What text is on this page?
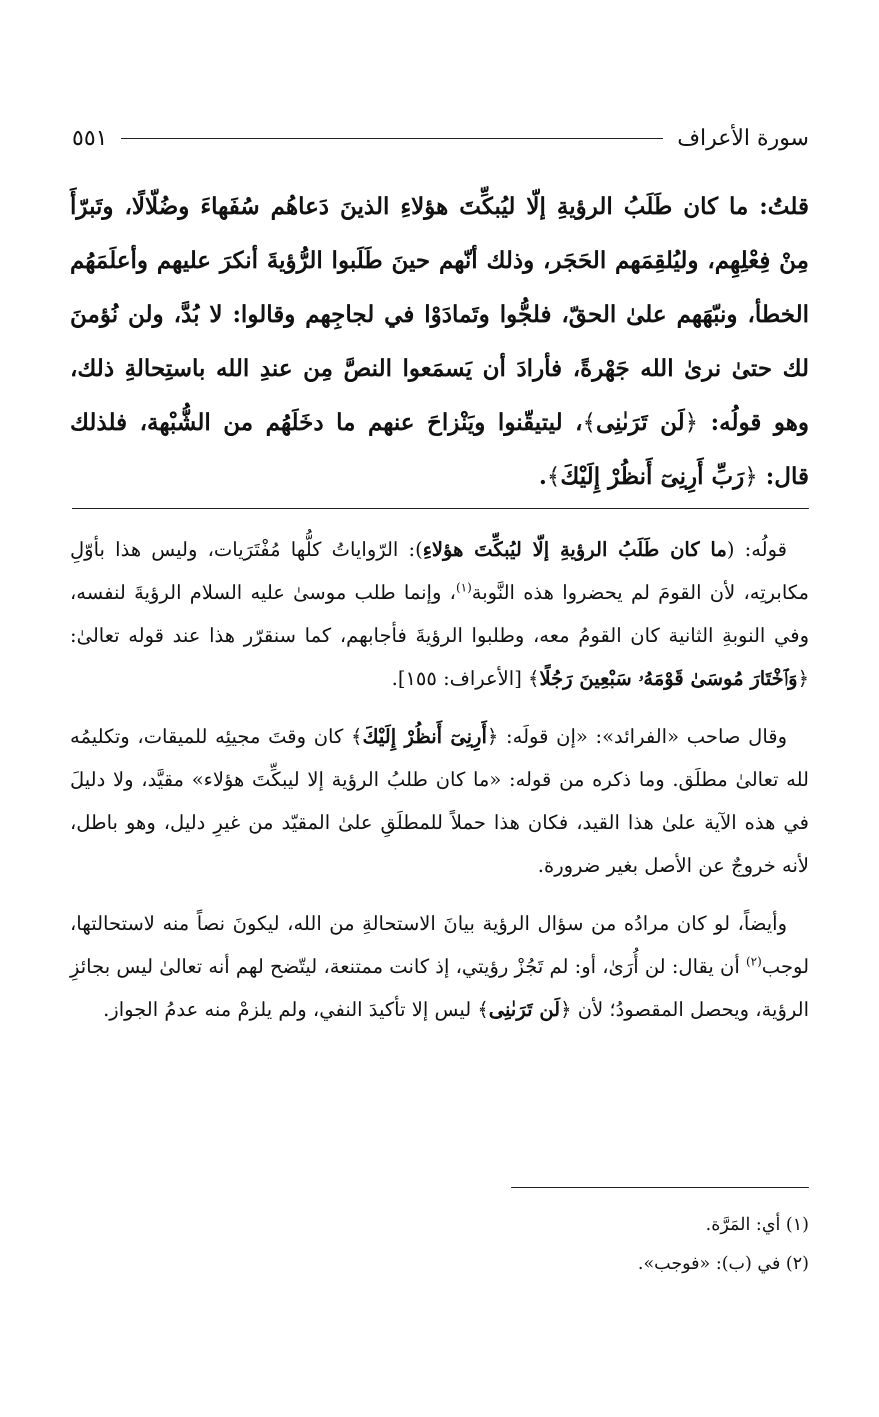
سورة الأعراف
٥٥١
قلتُ: ما كان طَلَبُ الرؤيةِ إلّا ليُبكِّتَ هؤلاءِ الذينَ دَعاهُم سُفَهاءَ وضُلّالًا، وتَبرّأَ مِنْ فِعْلِهِم، وليُلقِمَهم الحَجَر، وذلك أنّهم حينَ طَلَبوا الرُّؤيةَ أنكرَ عليهم وأعلَمَهُم الخطأ، ونبّهَهم علىٰ الحقّ، فلجُّوا وتَمادَوْا في لجاجِهم وقالوا: لا بُدَّ، ولن نُؤمنَ لك حتىٰ نرىٰ الله جَهْرةً، فأرادَ أن يَسمَعوا النصَّ مِن عندِ الله باستِحالةِ ذلك، وهو قولُه: ﴿لَن تَرَىٰنِى﴾، ليتيقّنوا ويَنْزاحَ عنهم ما دخَلَهُم من الشُّبْهة، فلذلك قال: ﴿رَبِّ أَرِنِىٓ أَنظُرْ إِلَيْكَ﴾.

قولُه: (ما كان طَلَبُ الرؤيةِ إلّا ليُبكِّتَ هؤلاءِ): الرّواياتُ كلُّها مُفْتَرَيات، وليس هذا بأوّلِ مكابرتِه، لأن القومَ لم يحضروا هذه النَّوبة$^{(١)}$، وإنما طلب موسىٰ عليه السلام الرؤيةَ لنفسه، وفي النوبةِ الثانية كان القومُ معه، وطلبوا الرؤيةَ فأجابهم، كما سنقرّر هذا عند قوله تعالىٰ: ﴿وَٱخْتَارَ مُوسَىٰ قَوْمَهُۥ سَبْعِينَ رَجُلًا﴾ [الأعراف: ١٥٥].

وقال صاحب «الفرائد»: «إن قولَه: ﴿أَرِنِىٓ أَنظُرْ إِلَيْكَ﴾ كان وقتَ مجيئِه للميقات، وتكليمُه لله تعالىٰ مطلَق. وما ذكره من قوله: «ما كان طلبُ الرؤية إلا ليبكِّتَ هؤلاء» مقيَّد، ولا دليلَ في هذه الآية علىٰ هذا القيد، فكان هذا حملاً للمطلَقِ علىٰ المقيّد من غيرِ دليل، وهو باطل، لأنه خروجٌ عن الأصل بغير ضرورة.

وأيضاً، لو كان مرادُه من سؤال الرؤية بيانَ الاستحالةِ من الله، ليكونَ نصاً منه لاستحالتها، لوجب$^{(٢)}$ أن يقال: لن أُرَىٰ، أو: لم تَجُزْ رؤيتي، إذ كانت ممتنعة، ليتّضح لهم أنه تعالىٰ ليس بجائزِ الرؤية، ويحصل المقصودُ؛ لأن ﴿لَن تَرَىٰنِى﴾ ليس إلا تأكيدَ النفي، ولم يلزمْ منه عدمُ الجواز.

(١) أي: المَرَّة.
(٢) في (ب): «فوجب».
